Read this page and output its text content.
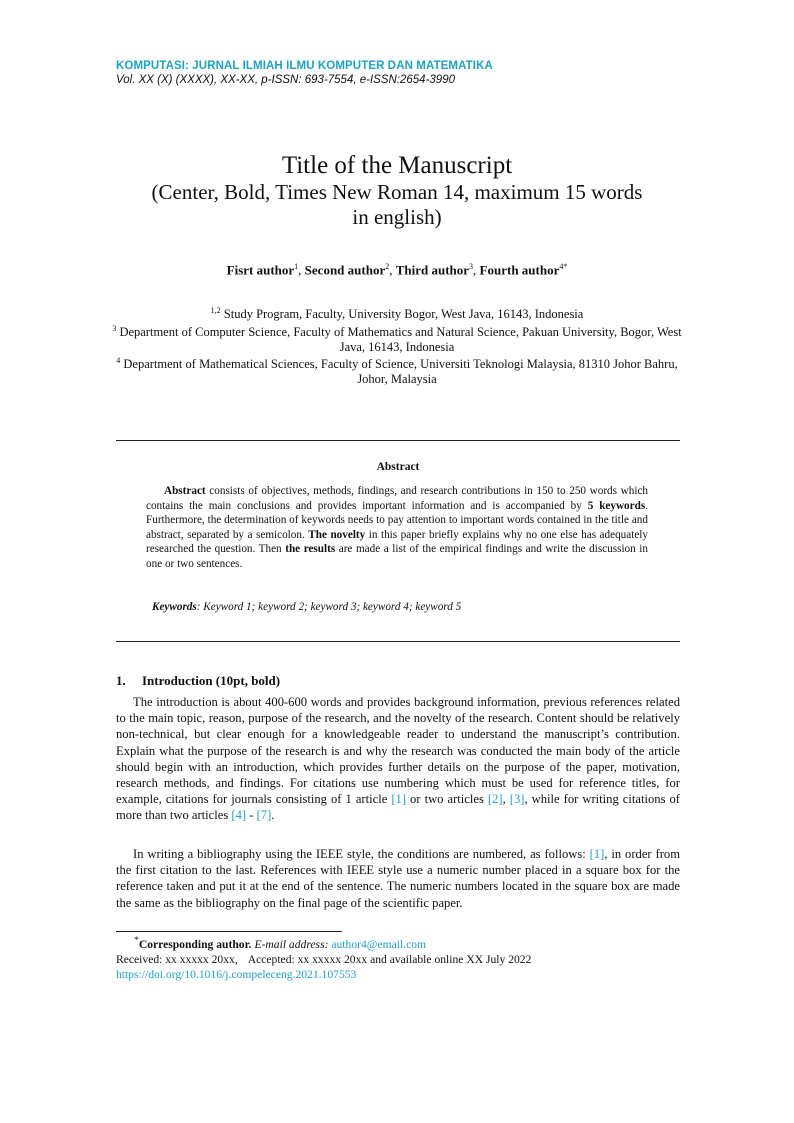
KOMPUTASI: JURNAL ILMIAH ILMU KOMPUTER DAN MATEMATIKA
Vol. XX (X) (XXXX), XX-XX, p-ISSN: 693-7554, e-ISSN:2654-3990
Title of the Manuscript
(Center, Bold, Times New Roman 14, maximum 15 words
in english)
Fisrt author$^1$, Second author$^2$, Third author$^3$, Fourth author$^{4*}$
$^{1,2}$ Study Program, Faculty, University Bogor, West Java, 16143, Indonesia
$^3$ Department of Computer Science, Faculty of Mathematics and Natural Science, Pakuan University, Bogor, West Java, 16143, Indonesia
$^4$ Department of Mathematical Sciences, Faculty of Science, Universiti Teknologi Malaysia, 81310 Johor Bahru, Johor, Malaysia
Abstract
Abstract consists of objectives, methods, findings, and research contributions in 150 to 250 words which contains the main conclusions and provides important information and is accompanied by 5 keywords. Furthermore, the determination of keywords needs to pay attention to important words contained in the title and abstract, separated by a semicolon. The novelty in this paper briefly explains why no one else has adequately researched the question. Then the results are made a list of the empirical findings and write the discussion in one or two sentences.
Keywords: Keyword 1; keyword 2; keyword 3; keyword 4; keyword 5
1. Introduction (10pt, bold)
The introduction is about 400-600 words and provides background information, previous references related to the main topic, reason, purpose of the research, and the novelty of the research. Content should be relatively non-technical, but clear enough for a knowledgeable reader to understand the manuscript’s contribution. Explain what the purpose of the research is and why the research was conducted the main body of the article should begin with an introduction, which provides further details on the purpose of the paper, motivation, research methods, and findings. For citations use numbering which must be used for reference titles, for example, citations for journals consisting of 1 article [1] or two articles [2], [3], while for writing citations of more than two articles [4] - [7].
In writing a bibliography using the IEEE style, the conditions are numbered, as follows: [1], in order from the first citation to the last. References with IEEE style use a numeric number placed in a square box for the reference taken and put it at the end of the sentence. The numeric numbers located in the square box are made the same as the bibliography on the final page of the scientific paper.
*Corresponding author. E-mail address: author4@email.com
Received: xx xxxxx 20xx, Accepted: xx xxxxx 20xx and available online XX July 2022
https://doi.org/10.1016/j.compeleceng.2021.107553
